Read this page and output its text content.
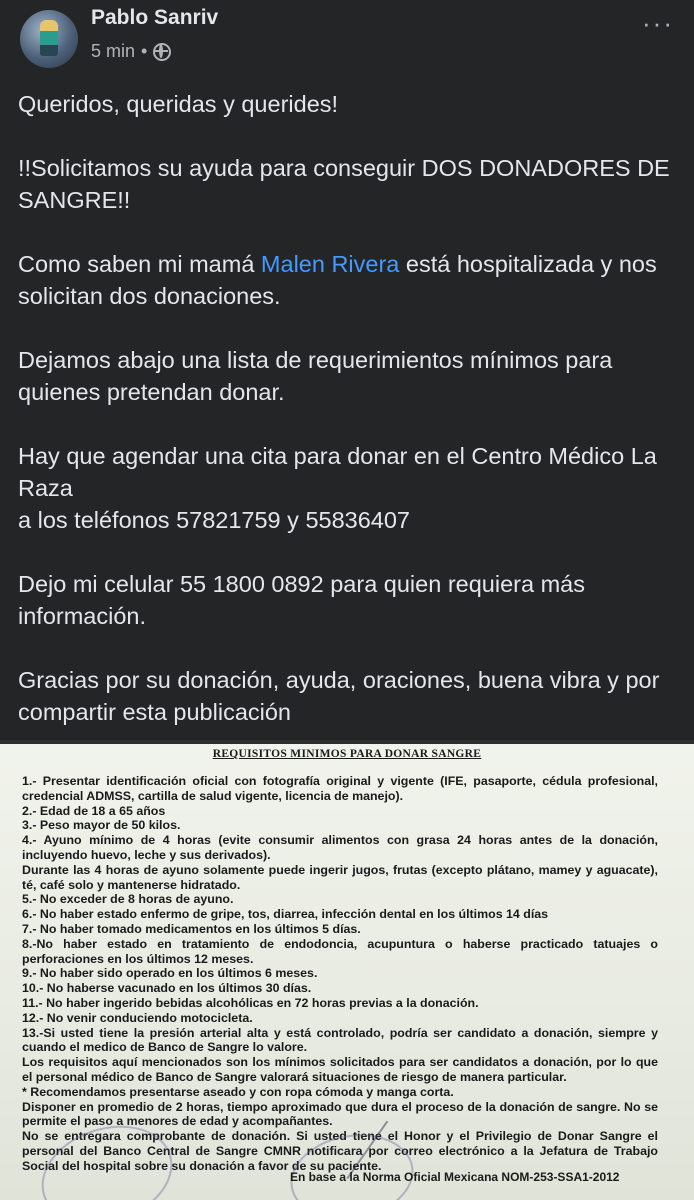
Pablo Sanriv
5 min •
···

Queridos, queridas y querides!

!!Solicitamos su ayuda para conseguir DOS DONADORES DE SANGRE!!

Como saben mi mamá Malen Rivera está hospitalizada y nos solicitan dos donaciones.

Dejamos abajo una lista de requerimientos mínimos para quienes pretendan donar.

Hay que agendar una cita para donar en el Centro Médico La Raza

a los teléfonos 57821759 y 55836407

Dejo mi celular 55 1800 0892 para quien requiera más información.

Gracias por su donación, ayuda, oraciones, buena vibra y por compartir esta publicación

REQUISITOS MINIMOS PARA DONAR SANGRE
1.- Presentar identificación oficial con fotografía original y vigente (IFE, pasaporte, cédula profesional, credencial ADMSS, cartilla de salud vigente, licencia de manejo).
2.- Edad de 18 a 65 años
3.- Peso mayor de 50 kilos.
4.- Ayuno mínimo de 4 horas (evite consumir alimentos con grasa 24 horas antes de la donación, incluyendo huevo, leche y sus derivados).
Durante las 4 horas de ayuno solamente puede ingerir jugos, frutas (excepto plátano, mamey y aguacate), té, café solo y mantenerse hidratado.
5.- No exceder de 8 horas de ayuno.
6.- No haber estado enfermo de gripe, tos, diarrea, infección dental en los últimos 14 días
7.- No haber tomado medicamentos en los últimos 5 días.
8.-No haber estado en tratamiento de endodoncia, acupuntura o haberse practicado tatuajes o perforaciones en los últimos 12 meses.
9.- No haber sido operado en los últimos 6 meses.
10.- No haberse vacunado en los últimos 30 días.
11.- No haber ingerido bebidas alcohólicas en 72 horas previas a la donación.
12.- No venir conduciendo motocicleta.
13.-Si usted tiene la presión arterial alta y está controlado, podría ser candidato a donación, siempre y cuando el medico de Banco de Sangre lo valore.
Los requisitos aquí mencionados son los mínimos solicitados para ser candidatos a donación, por lo que el personal médico de Banco de Sangre valorará situaciones de riesgo de manera particular.
* Recomendamos presentarse aseado y con ropa cómoda y manga corta.
Disponer en promedio de 2 horas, tiempo aproximado que dura el proceso de la donación de sangre. No se permite el paso a menores de edad y acompañantes.
No se entregara comprobante de donación. Si usted tiene el Honor y el Privilegio de Donar Sangre el personal del Banco Central de Sangre CMNR notificara por correo electrónico a la Jefatura de Trabajo Social del hospital sobre su donación a favor de su paciente.
En base a la Norma Oficial Mexicana NOM-253-SSA1-2012
